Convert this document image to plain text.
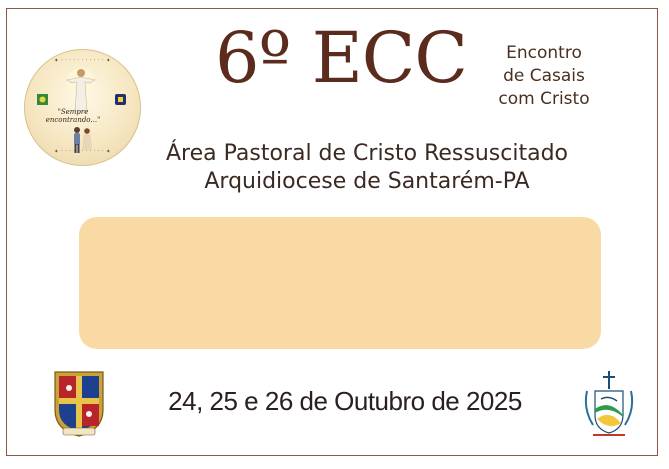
✦ · · · · · · · · · · · ✦
"Sempre encontrando..."
✦ · · · · · · · · · · · ✦
6º ECC	Encontro
de Casais
com Cristo
Área Pastoral de Cristo Ressuscitado
Arquidiocese de Santarém-PA
24, 25 e 26 de Outubro de 2025
